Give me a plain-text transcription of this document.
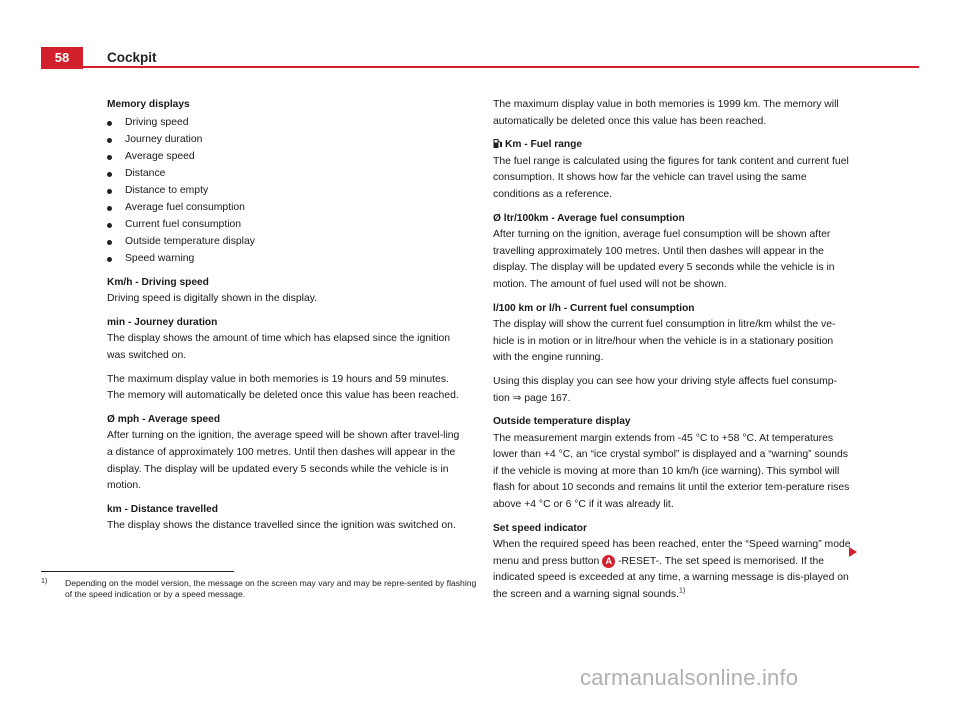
58	Cockpit

Memory displays

Driving speed
Journey duration
Average speed
Distance
Distance to empty
Average fuel consumption
Current fuel consumption
Outside temperature display
Speed warning

Km/h - Driving speed

Driving speed is digitally shown in the display.

min - Journey duration

The display shows the amount of time which has elapsed since the ignition was switched on.

The maximum display value in both memories is 19 hours and 59 minutes. The memory will automatically be deleted once this value has been reached.

Ø mph - Average speed

After turning on the ignition, the average speed will be shown after travel-ling a distance of approximately 100 metres. Until then dashes will appear in the display. The display will be updated every 5 seconds while the vehicle is in motion.

km - Distance travelled

The display shows the distance travelled since the ignition was switched on.

The maximum display value in both memories is 1999 km. The memory will automatically be deleted once this value has been reached.

Km - Fuel range

The fuel range is calculated using the figures for tank content and current fuel consumption. It shows how far the vehicle can travel using the same conditions as a reference.

Ø ltr/100km - Average fuel consumption

After turning on the ignition, average fuel consumption will be shown after travelling approximately 100 metres. Until then dashes will appear in the display. The display will be updated every 5 seconds while the vehicle is in motion. The amount of fuel used will not be shown.

l/100 km or l/h - Current fuel consumption

The display will show the current fuel consumption in litre/km whilst the ve-hicle is in motion or in litre/hour when the vehicle is in a stationary position with the engine running.

Using this display you can see how your driving style affects fuel consump-tion ⇒ page 167.

Outside temperature display

The measurement margin extends from -45 °C to +58 °C. At temperatures lower than +4 °C, an “ice crystal symbol” is displayed and a “warning” sounds if the vehicle is moving at more than 10 km/h (ice warning). This symbol will flash for about 10 seconds and remains lit until the exterior tem-perature rises above +4 °C or 6 °C if it was already lit.

Set speed indicator

When the required speed has been reached, enter the “Speed warning” mode menu and press button A -RESET-. The set speed is memorised. If the indicated speed is exceeded at any time, a warning message is dis-played on the screen and a warning signal sounds.$^{1)}$

1) Depending on the model version, the message on the screen may vary and may be repre-sented by flashing of the speed indication or by a speed message.
carmanualsonline.info
